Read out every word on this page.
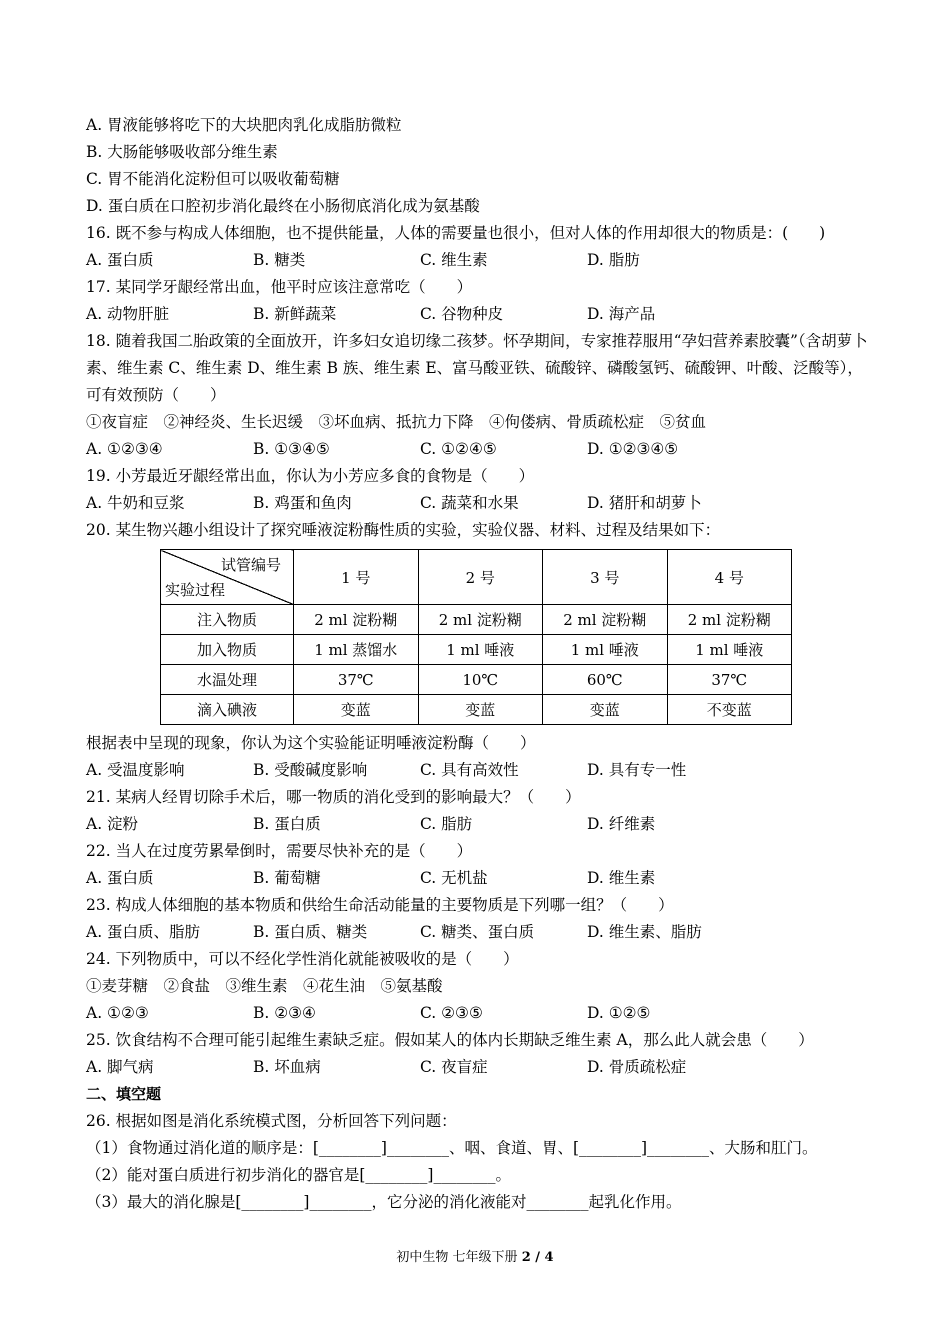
A. 胃液能够将吃下的大块肥肉乳化成脂肪微粒
B. 大肠能够吸收部分维生素
C. 胃不能消化淀粉但可以吸收葡萄糖
D. 蛋白质在口腔初步消化最终在小肠彻底消化成为氨基酸
16. 既不参与构成人体细胞，也不提供能量，人体的需要量也很小，但对人体的作用却很大的物质是：(　　)
A. 蛋白质	B. 糖类	C. 维生素	D. 脂肪
17. 某同学牙龈经常出血，他平时应该注意常吃（　　）
A. 动物肝脏	B. 新鲜蔬菜	C. 谷物种皮	D. 海产品
18. 随着我国二胎政策的全面放开，许多妇女追切缘二孩梦。怀孕期间，专家推荐服用“孕妇营养素胶囊”（含胡萝卜素、维生素 C、维生素 D、维生素 B 族、维生素 E、富马酸亚铁、硫酸锌、磷酸氢钙、硫酸钾、叶酸、泛酸等），可有效预防（　　）
①夜盲症　②神经炎、生长迟缓　③坏血病、抵抗力下降　④佝偻病、骨质疏松症　⑤贫血
A. ①②③④	B. ①③④⑤	C. ①②④⑤	D. ①②③④⑤
19. 小芳最近牙龈经常出血，你认为小芳应多食的食物是（　　）
A. 牛奶和豆浆	B. 鸡蛋和鱼肉	C. 蔬菜和水果	D. 猪肝和胡萝卜
20. 某生物兴趣小组设计了探究唾液淀粉酶性质的实验，实验仪器、材料、过程及结果如下：
试管编号
实验过程	1 号	2 号	3 号	4 号
注入物质	2 ml 淀粉糊	2 ml 淀粉糊	2 ml 淀粉糊	2 ml 淀粉糊
加入物质	1 ml 蒸馏水	1 ml 唾液	1 ml 唾液	1 ml 唾液
水温处理	37℃	10℃	60℃	37℃
滴入碘液	变蓝	变蓝	变蓝	不变蓝
根据表中呈现的现象，你认为这个实验能证明唾液淀粉酶（　　）
A. 受温度影响	B. 受酸碱度影响	C. 具有高效性	D. 具有专一性
21. 某病人经胃切除手术后，哪一物质的消化受到的影响最大？（　　）
A. 淀粉	B. 蛋白质	C. 脂肪	D. 纤维素
22. 当人在过度劳累晕倒时，需要尽快补充的是（　　）
A. 蛋白质	B. 葡萄糖	C. 无机盐	D. 维生素
23. 构成人体细胞的基本物质和供给生命活动能量的主要物质是下列哪一组？（　　）
A. 蛋白质、脂肪	B. 蛋白质、糖类	C. 糖类、蛋白质	D. 维生素、脂肪
24. 下列物质中，可以不经化学性消化就能被吸收的是（　　）
①麦芽糖　②食盐　③维生素　④花生油　⑤氨基酸
A. ①②③	B. ②③④	C. ②③⑤	D. ①②⑤
25. 饮食结构不合理可能引起维生素缺乏症。假如某人的体内长期缺乏维生素 A，那么此人就会患（　　）
A. 脚气病	B. 坏血病	C. 夜盲症	D. 骨质疏松症
二、填空题
26. 根据如图是消化系统模式图，分析回答下列问题：
（1）食物通过消化道的顺序是：[________]________、咽、食道、胃、[________]________、大肠和肛门。
（2）能对蛋白质进行初步消化的器官是[________]________。
（3）最大的消化腺是[________]________，它分泌的消化液能对________起乳化作用。
初中生物 七年级下册 2 / 4
